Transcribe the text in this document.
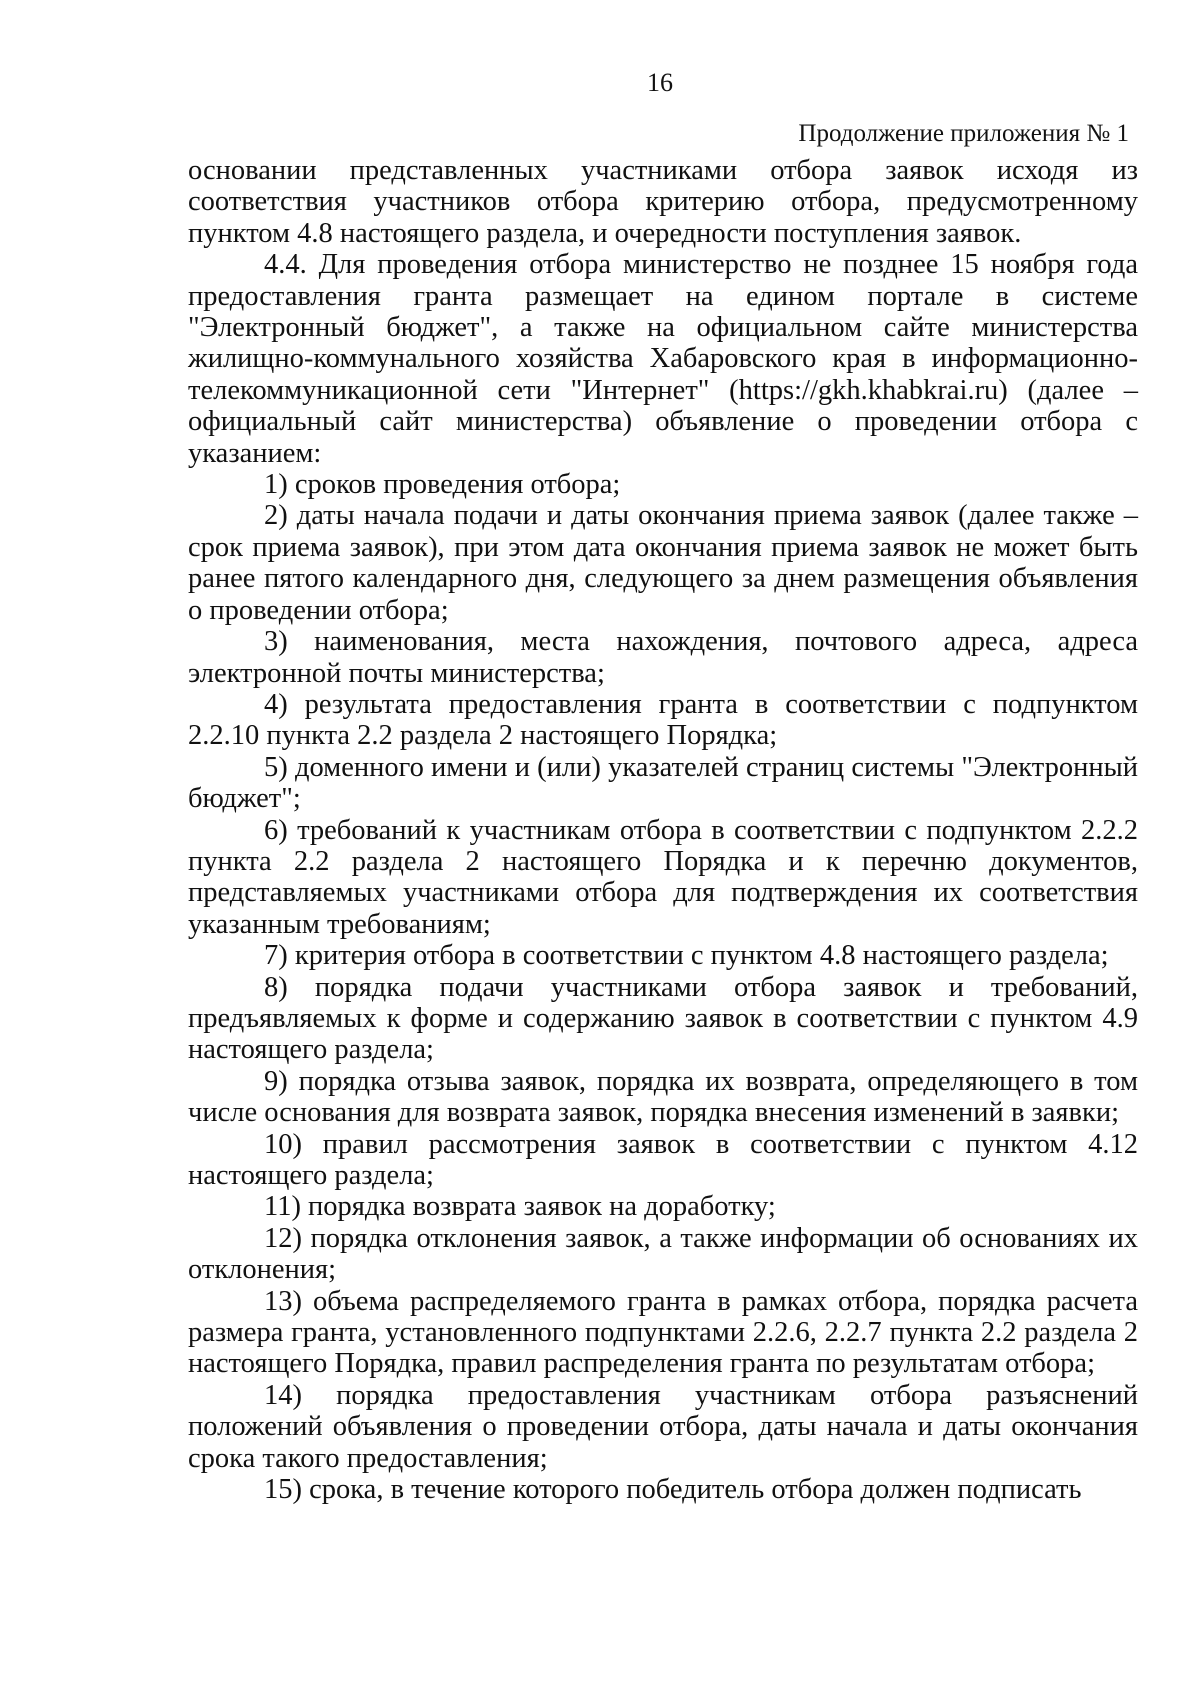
16
Продолжение приложения № 1

основании представленных участниками отбора заявок исходя из соответствия участников отбора критерию отбора, предусмотренному пунктом 4.8 настоящего раздела, и очередности поступления заявок.

4.4. Для проведения отбора министерство не позднее 15 ноября года предоставления гранта размещает на едином портале в системе "Электронный бюджет", а также на официальном сайте министерства жилищно-коммунального хозяйства Хабаровского края в информационно-телекоммуникационной сети "Интернет" (https://gkh.khabkrai.ru) (далее – официальный сайт министерства) объявление о проведении отбора с указанием:

1) сроков проведения отбора;

2) даты начала подачи и даты окончания приема заявок (далее также – срок приема заявок), при этом дата окончания приема заявок не может быть ранее пятого календарного дня, следующего за днем размещения объявления о проведении отбора;

3) наименования, места нахождения, почтового адреса, адреса электронной почты министерства;

4) результата предоставления гранта в соответствии с подпунктом 2.2.10 пункта 2.2 раздела 2 настоящего Порядка;

5) доменного имени и (или) указателей страниц системы "Электронный бюджет";

6) требований к участникам отбора в соответствии с подпунктом 2.2.2 пункта 2.2 раздела 2 настоящего Порядка и к перечню документов, представляемых участниками отбора для подтверждения их соответствия указанным требованиям;

7) критерия отбора в соответствии с пунктом 4.8 настоящего раздела;

8) порядка подачи участниками отбора заявок и требований, предъявляемых к форме и содержанию заявок в соответствии с пунктом 4.9 настоящего раздела;

9) порядка отзыва заявок, порядка их возврата, определяющего в том числе основания для возврата заявок, порядка внесения изменений в заявки;

10) правил рассмотрения заявок в соответствии с пунктом 4.12 настоящего раздела;

11) порядка возврата заявок на доработку;

12) порядка отклонения заявок, а также информации об основаниях их отклонения;

13) объема распределяемого гранта в рамках отбора, порядка расчета размера гранта, установленного подпунктами 2.2.6, 2.2.7 пункта 2.2 раздела 2 настоящего Порядка, правил распределения гранта по результатам отбора;

14) порядка предоставления участникам отбора разъяснений положений объявления о проведении отбора, даты начала и даты окончания срока такого предоставления;

15) срока, в течение которого победитель отбора должен подписать
